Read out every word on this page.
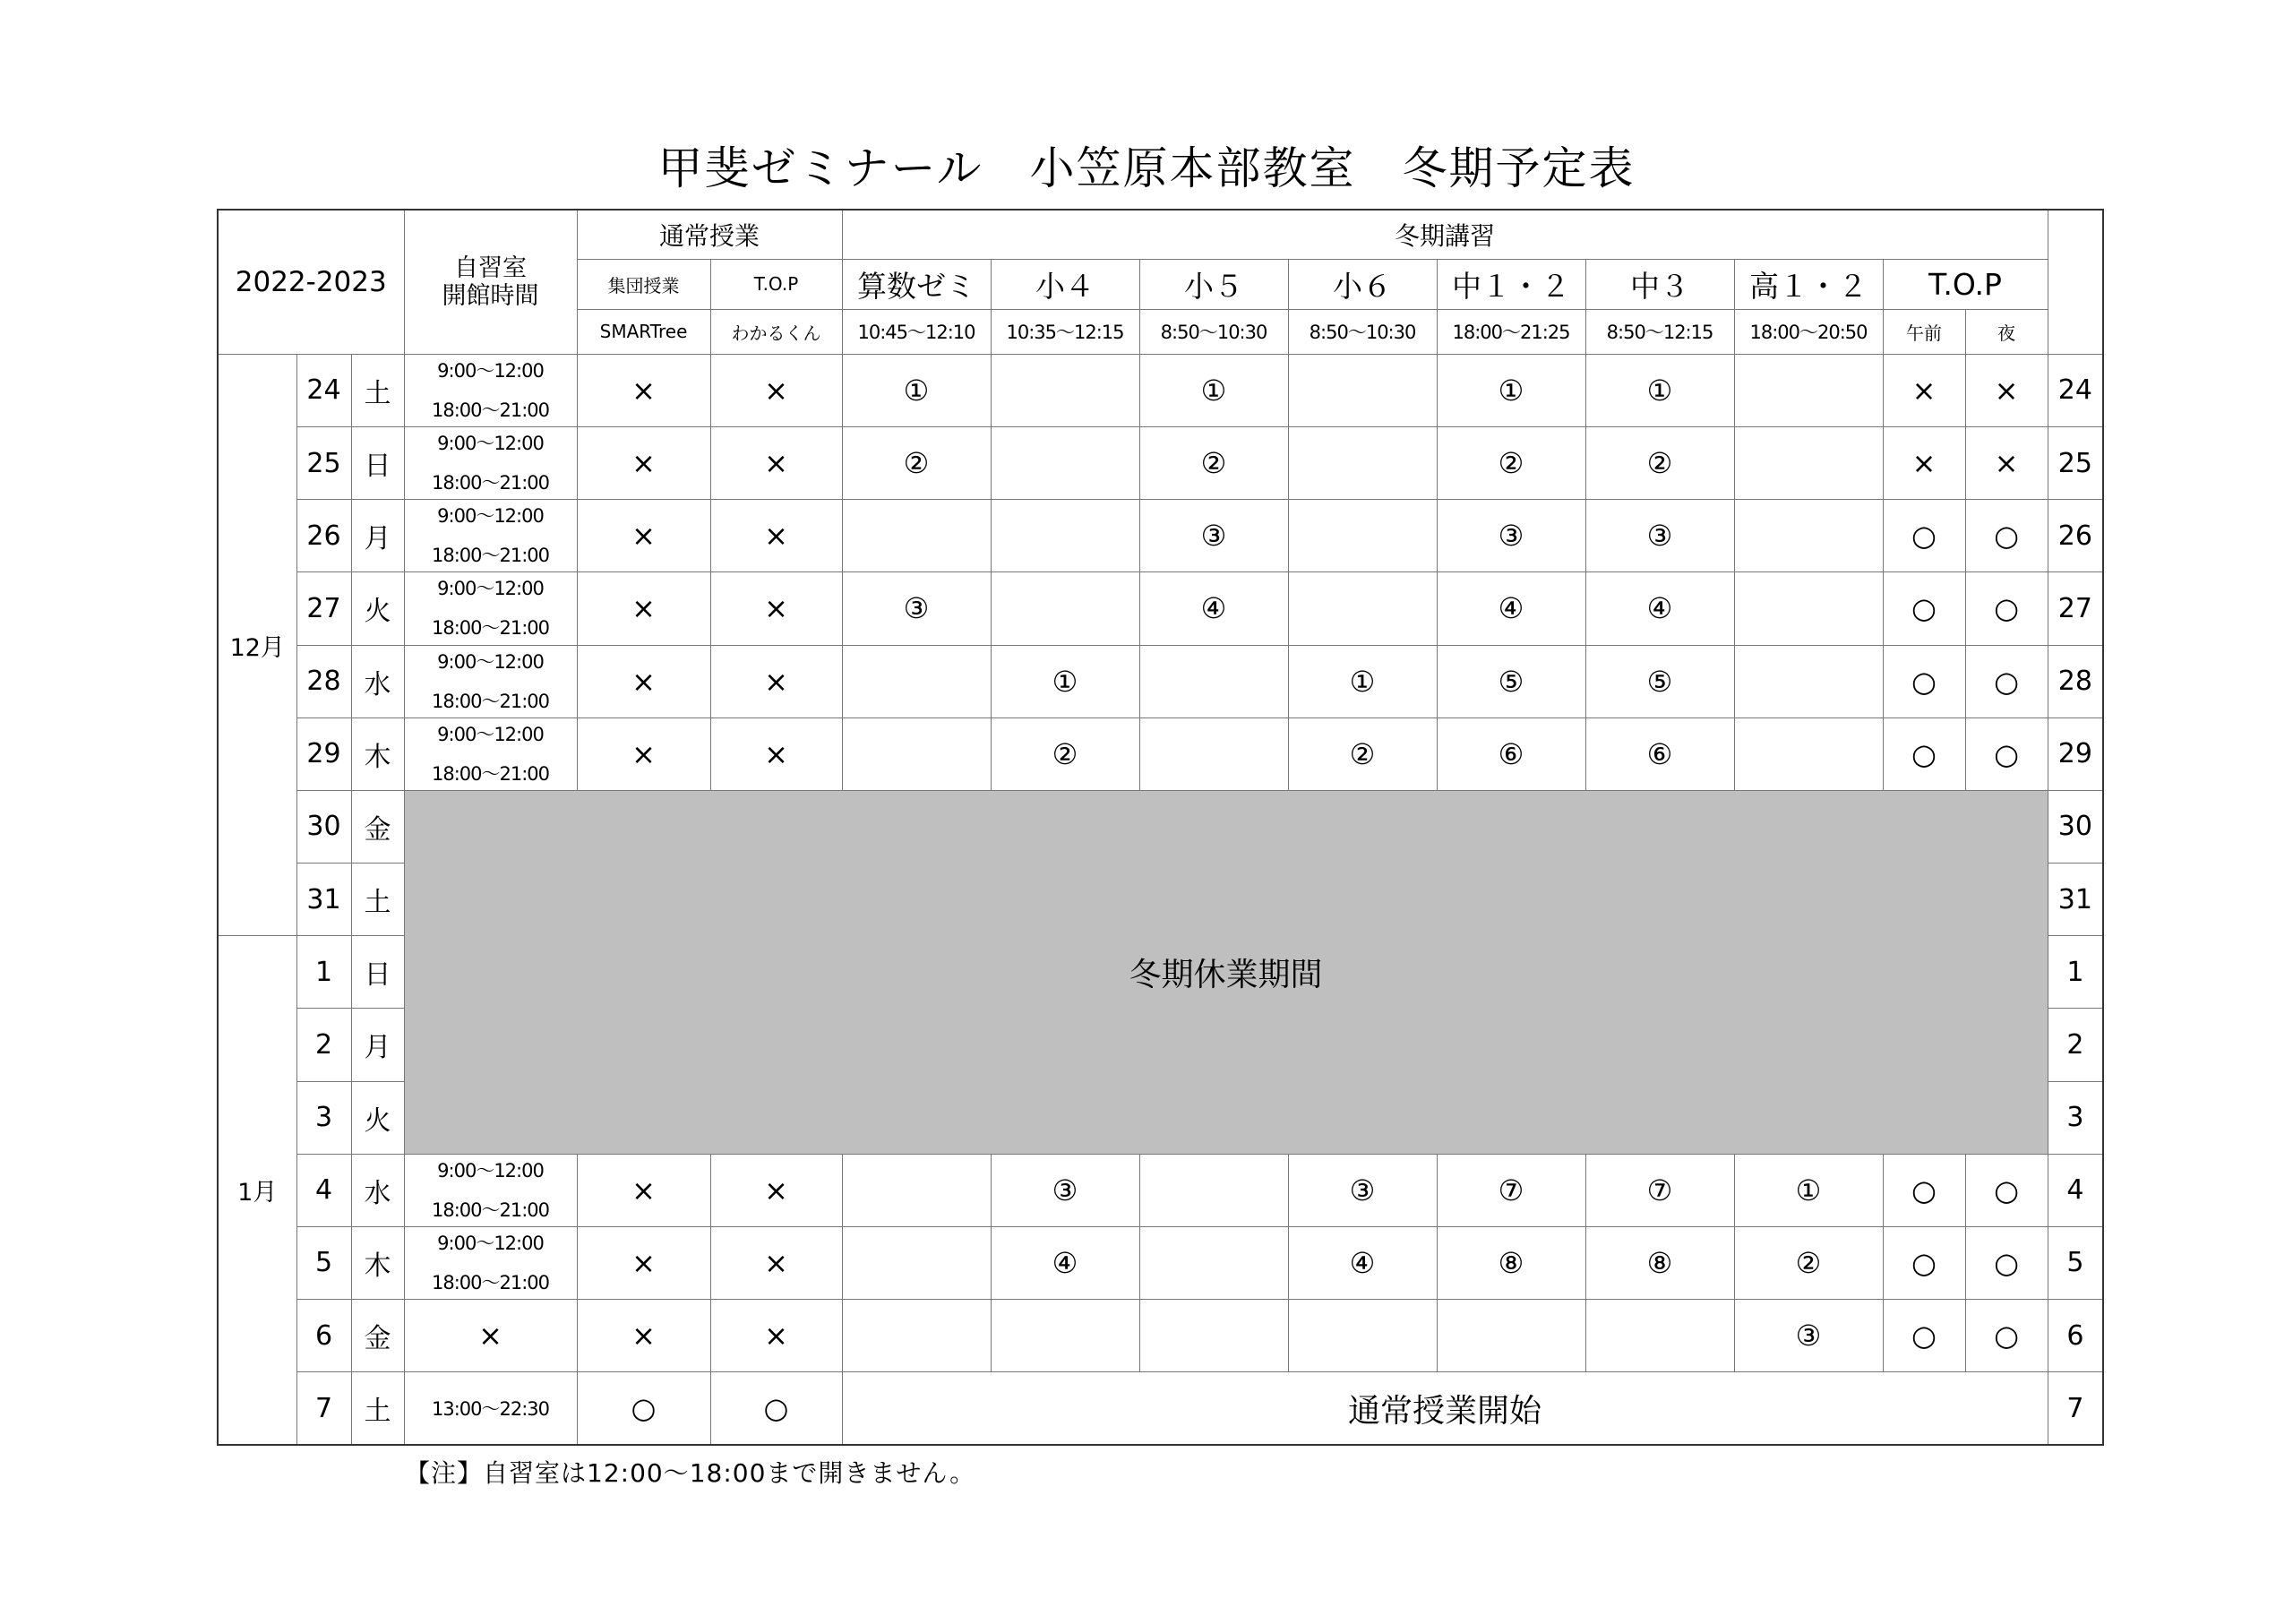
甲斐ゼミナール　小笠原本部教室　冬期予定表
2022-2023			自習室
開館時間	通常授業		冬期講習									
				集団授業	T.O.P	算数ゼミ	小４	小５	小６	中１・２	中３	高１・２	T.O.P		
				SMARTree	わかるくん	10:45～12:10	10:35～12:15	8:50～10:30	8:50～10:30	18:00～21:25	8:50～12:15	18:00～20:50	午前	夜	
12月	24	土	9:00～12:00
18:00～21:00	×	×	①		①		①	①		×	×	24
	25	日	9:00～12:00
18:00～21:00	×	×	②		②		②	②		×	×	25
	26	月	9:00～12:00
18:00～21:00	×	×			③		③	③		○	○	26
	27	火	9:00～12:00
18:00～21:00	×	×	③		④		④	④		○	○	27
	28	水	9:00～12:00
18:00～21:00	×	×		①		①	⑤	⑤		○	○	28
	29	木	9:00～12:00
18:00～21:00	×	×		②		②	⑥	⑥		○	○	29
	30	金	冬期休業期間												30
	31	土													31
1月	1	日													1
	2	月													2
	3	火													3
	4	水	9:00～12:00
18:00～21:00	×	×		③		③	⑦	⑦	①	○	○	4
	5	木	9:00～12:00
18:00～21:00	×	×		④		④	⑧	⑧	②	○	○	5
	6	金	×	×	×							③	○	○	6
	7	土	13:00～22:30	○	○	通常授業開始									7
【注】自習室は12:00～18:00まで開きません。
